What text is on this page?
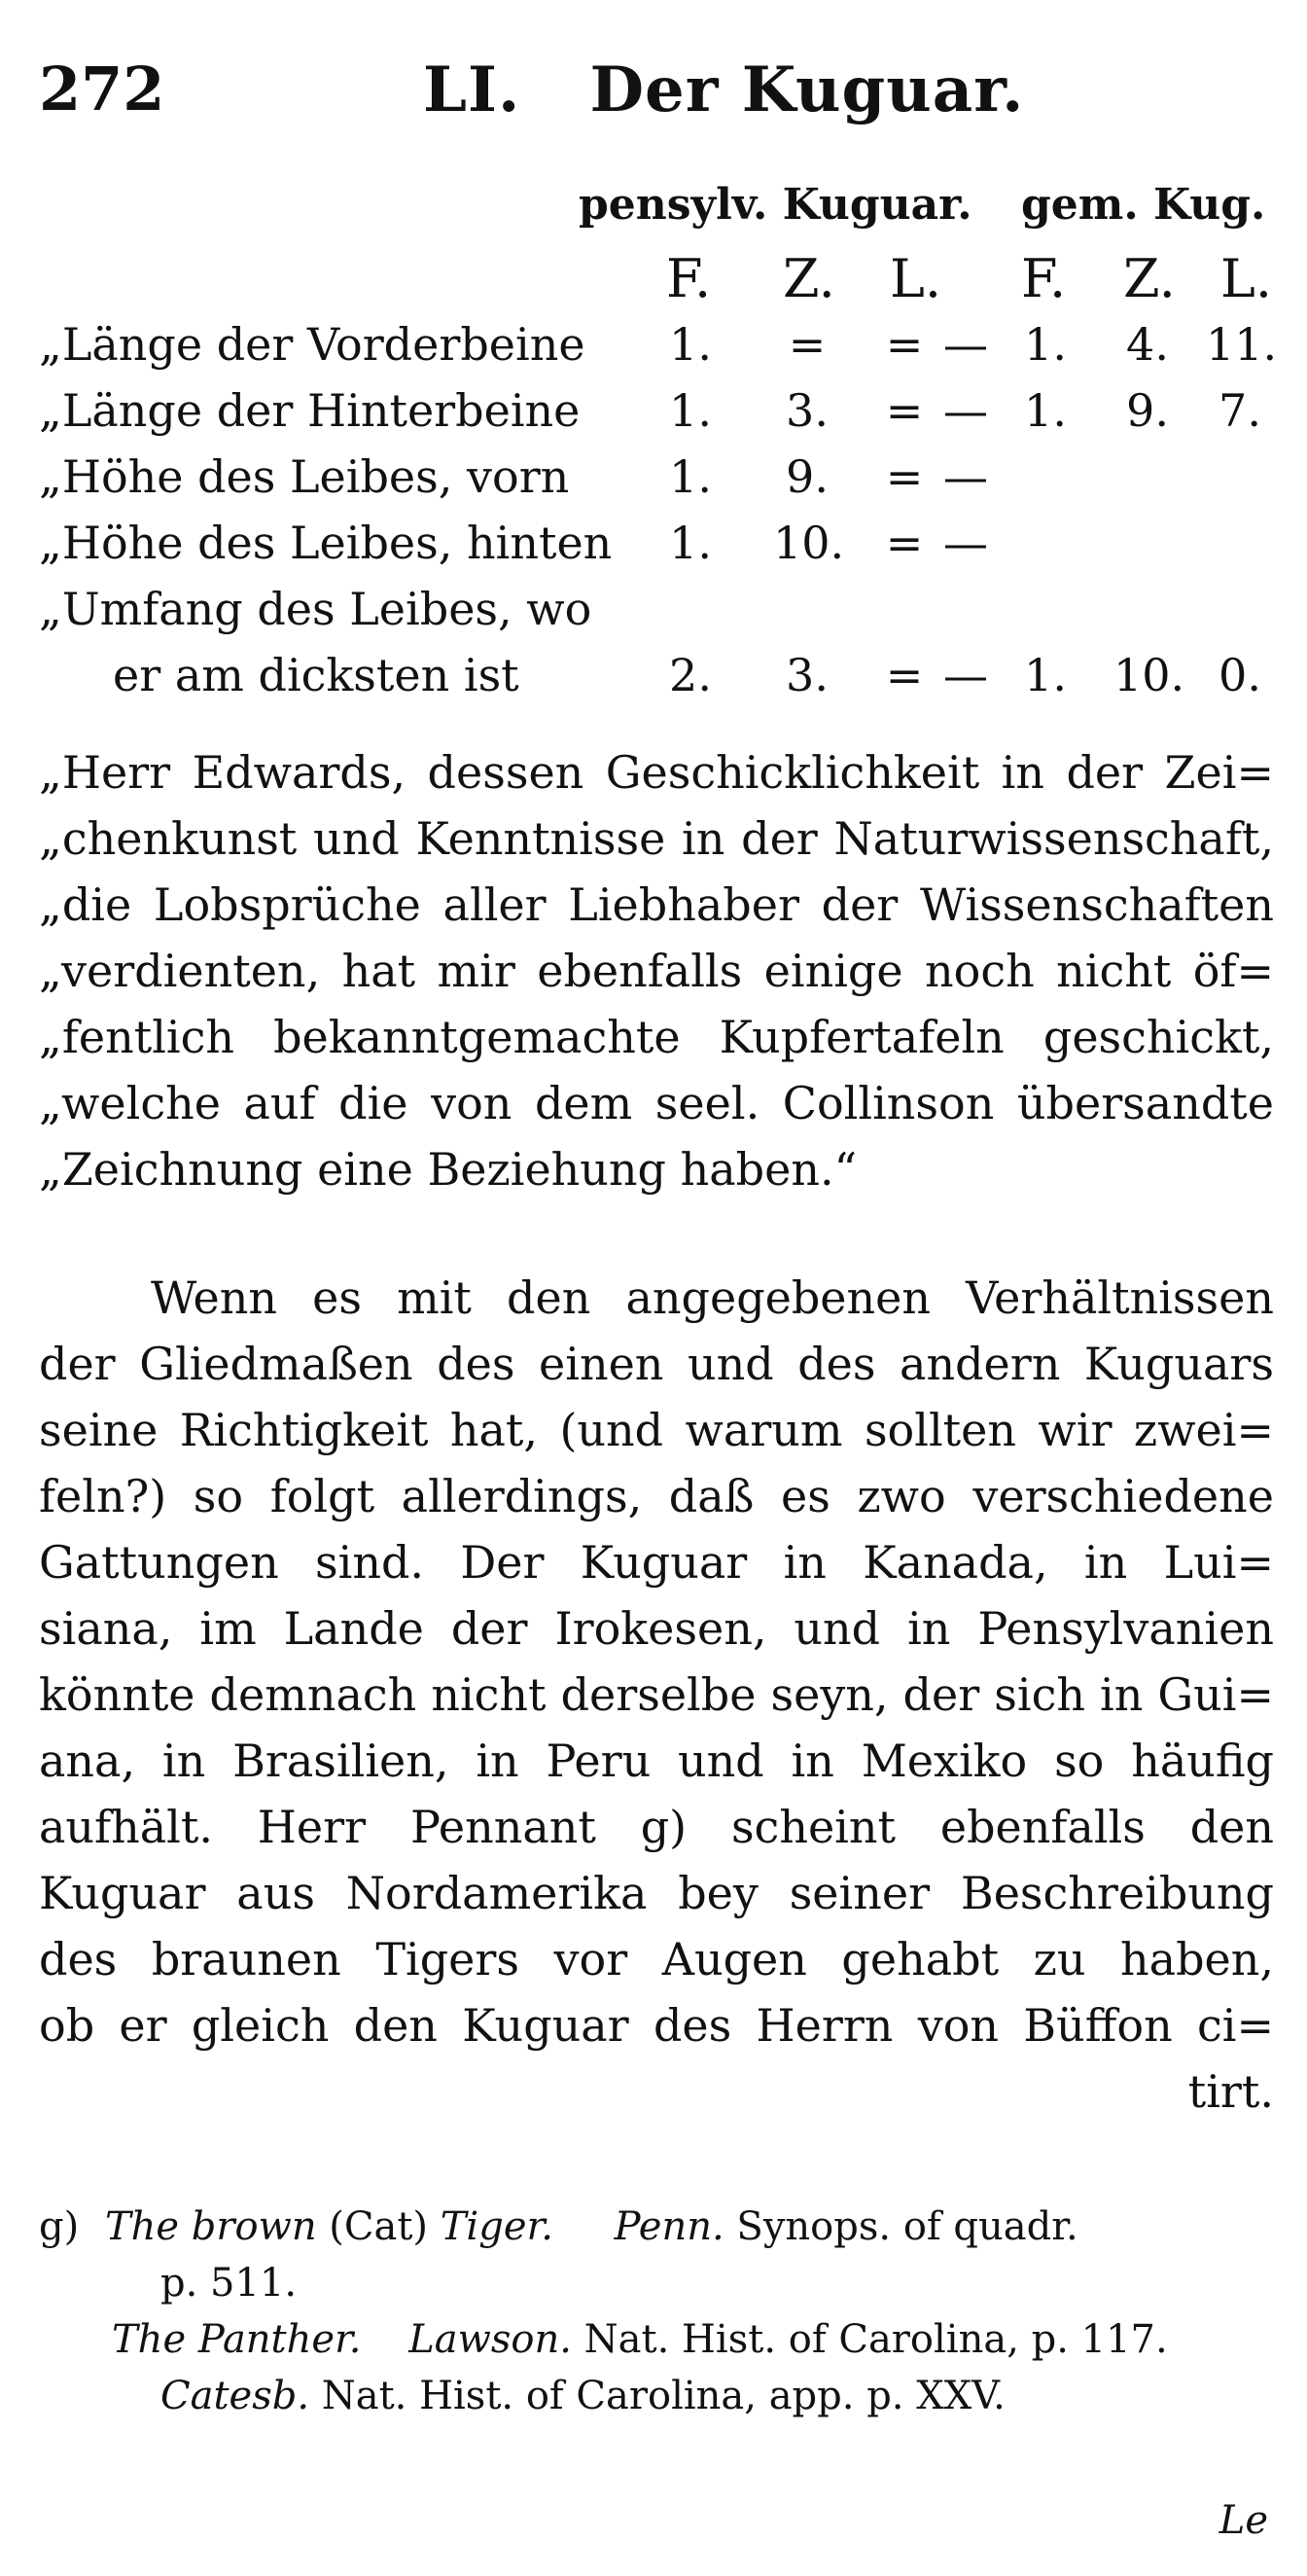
272	LI. Der Kuguar.
pensylv. Kuguar. gem. Kug.
F. Z. L. F. Z. L.
„Länge der Vorderbeine 1.	=	= — 1. 4. 11.
„Länge der Hinterbeine 1. 3.	= — 1. 9. 7.
„Höhe des Leibes, vorn 1. 9.	= —
„Höhe des Leibes, hinten 1. 10. = —
„Umfang des Leibes, wo
er am dicksten ist	2. 3.	= — 1. 10. 0.
„Herr Edwards, dessen Geschicklichkeit in der Zei=
„chenkunst und Kenntnisse in der Naturwissenschaft,
„die Lobsprüche aller Liebhaber der Wissenschaften
„verdienten, hat mir ebenfalls einige noch nicht öf=
„fentlich bekanntgemachte Kupfertafeln geschickt,
„welche auf die von dem seel. Collinson übersandte
„Zeichnung eine Beziehung haben.“
Wenn es mit den angegebenen Verhältnissen
der Gliedmaßen des einen und des andern Kuguars
seine Richtigkeit hat, (und warum sollten wir zwei=
feln?) so folgt allerdings, daß es zwo verschiedene
Gattungen sind. Der Kuguar in Kanada, in Lui=
siana, im Lande der Irokesen, und in Pensylvanien
könnte demnach nicht derselbe seyn, der sich in Gui=
ana, in Brasilien, in Peru und in Mexiko so häufig
aufhält. Herr Pennant g) scheint ebenfalls den
Kuguar aus Nordamerika bey seiner Beschreibung
des braunen Tigers vor Augen gehabt zu haben,
ob er gleich den Kuguar des Herrn von Büffon ci=
tirt.
g) The brown (Cat) Tiger. Penn. Synops. of quadr.
p. 511.
The Panther. Lawson. Nat. Hist. of Carolina, p. 117.
Catesb. Nat. Hist. of Carolina, app. p. XXV.
Le
